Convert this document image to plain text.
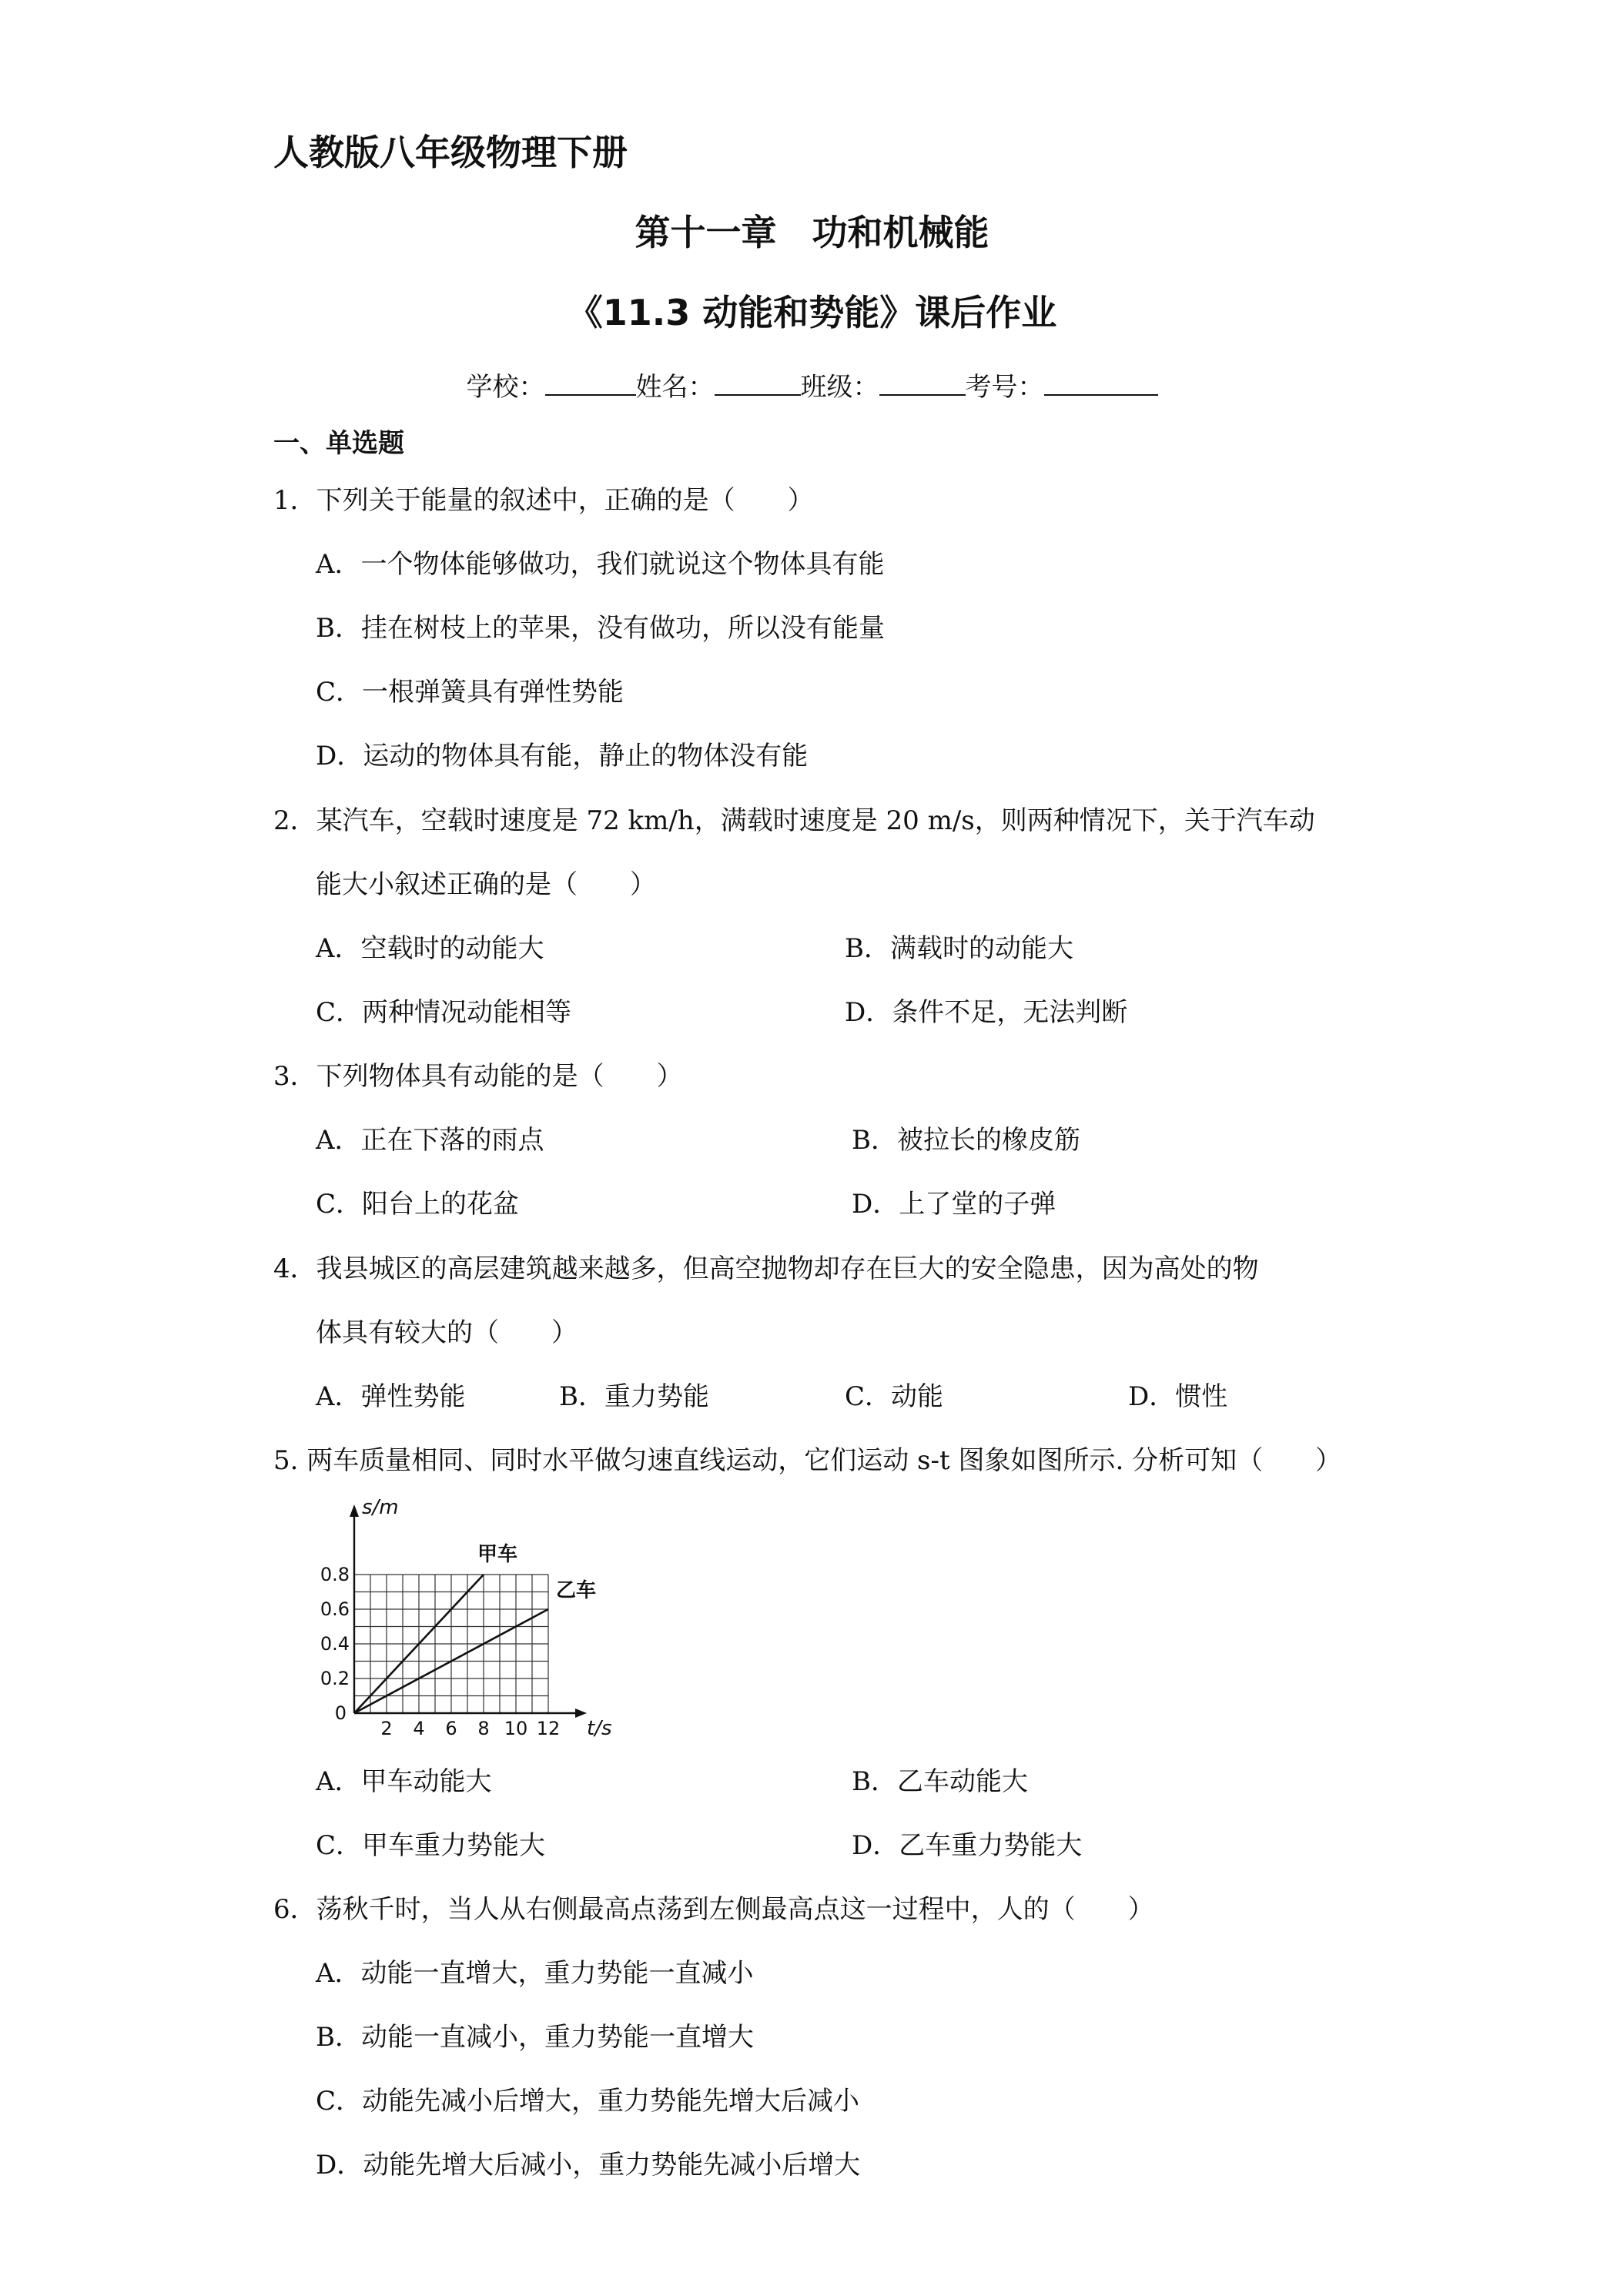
人教版八年级物理下册
第十一章　功和机械能
《11.3 动能和势能》课后作业
学校：	姓名：	班级：	考号：
一、单选题
1．下列关于能量的叙述中，正确的是（　　）
A．一个物体能够做功，我们就说这个物体具有能
B．挂在树枝上的苹果，没有做功，所以没有能量
C．一根弹簧具有弹性势能
D．运动的物体具有能，静止的物体没有能
2．某汽车，空载时速度是 72 km/h，满载时速度是 20 m/s，则两种情况下，关于汽车动
能大小叙述正确的是（　　）
A．空载时的动能大	B．满载时的动能大
C．两种情况动能相等	D．条件不足，无法判断
3．下列物体具有动能的是（　　）
A．正在下落的雨点	B．被拉长的橡皮筋
C．阳台上的花盆	D．上了堂的子弹
4．我县城区的高层建筑越来越多，但高空抛物却存在巨大的安全隐患，因为高处的物
体具有较大的（　　）
A．弹性势能	B．重力势能	C．动能	D．惯性
5. 两车质量相同、同时水平做匀速直线运动，它们运动 s-t 图象如图所示. 分析可知（　　）
0.2
0.4
0.6
0.8
2 4 6 8 10 12
0
s/m
t/s
甲车
乙车
A．甲车动能大	B．乙车动能大
C．甲车重力势能大	D．乙车重力势能大
6．荡秋千时，当人从右侧最高点荡到左侧最高点这一过程中，人的（　　）
A．动能一直增大，重力势能一直减小
B．动能一直减小，重力势能一直增大
C．动能先减小后增大，重力势能先增大后减小
D．动能先增大后减小，重力势能先减小后增大
